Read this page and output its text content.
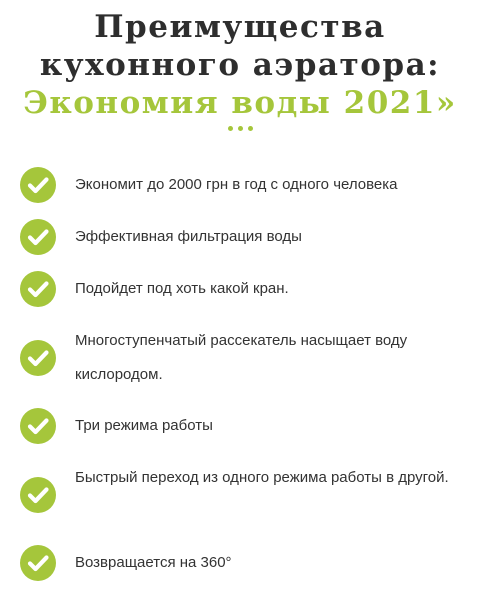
Преимущества
кухонного аэратора:
Экономия воды 2021»

Экономит до 2000 грн в год с одного человека
Эффективная фильтрация воды
Подойдет под хоть какой кран.
Многоступенчатый рассекатель насыщает воду кислородом.
Три режима работы
Быстрый переход из одного режима работы в другой.
Возвращается на 360°
